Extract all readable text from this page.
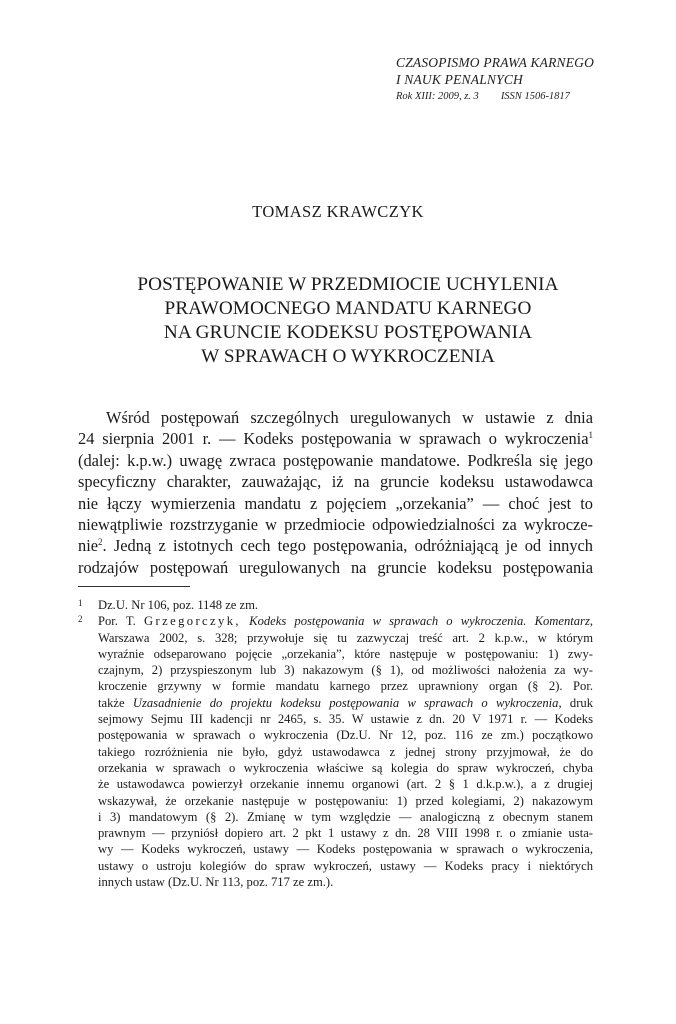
CZASOPISMO PRAWA KARNEGO
I NAUK PENALNYCH
Rok XIII: 2009, z. 3 ISSN 1506-1817
TOMASZ KRAWCZYK
POSTĘPOWANIE W PRZEDMIOCIE UCHYLENIA
PRAWOMOCNEGO MANDATU KARNEGO
NA GRUNCIE KODEKSU POSTĘPOWANIA
W SPRAWACH O WYKROCZENIA
Wśród postępowań szczególnych uregulowanych w ustawie z dnia
24 sierpnia 2001 r. — Kodeks postępowania w sprawach o wykroczenia$^1$
(dalej: k.p.w.) uwagę zwraca postępowanie mandatowe. Podkreśla się jego
specyficzny charakter, zauważając, iż na gruncie kodeksu ustawodawca
nie łączy wymierzenia mandatu z pojęciem „orzekania” — choć jest to
niewątpliwie rozstrzyganie w przedmiocie odpowiedzialności za wykrocze-
nie$^2$. Jedną z istotnych cech tego postępowania, odróżniającą je od innych
rodzajów postępowań uregulowanych na gruncie kodeksu postępowania
1 Dz.U. Nr 106, poz. 1148 ze zm.
2 Por. T. Grzegorczyk, Kodeks postępowania w sprawach o wykroczenia. Komentarz,
Warszawa 2002, s. 328; przywołuje się tu zazwyczaj treść art. 2 k.p.w., w którym
wyraźnie odseparowano pojęcie „orzekania”, które następuje w postępowaniu: 1) zwy-
czajnym, 2) przyspieszonym lub 3) nakazowym (§ 1), od możliwości nałożenia za wy-
kroczenie grzywny w formie mandatu karnego przez uprawniony organ (§ 2). Por.
także Uzasadnienie do projektu kodeksu postępowania w sprawach o wykroczenia, druk
sejmowy Sejmu III kadencji nr 2465, s. 35. W ustawie z dn. 20 V 1971 r. — Kodeks
postępowania w sprawach o wykroczenia (Dz.U. Nr 12, poz. 116 ze zm.) początkowo
takiego rozróżnienia nie było, gdyż ustawodawca z jednej strony przyjmował, że do
orzekania w sprawach o wykroczenia właściwe są kolegia do spraw wykroczeń, chyba
że ustawodawca powierzył orzekanie innemu organowi (art. 2 § 1 d.k.p.w.), a z drugiej
wskazywał, że orzekanie następuje w postępowaniu: 1) przed kolegiami, 2) nakazowym
i 3) mandatowym (§ 2). Zmianę w tym względzie — analogiczną z obecnym stanem
prawnym — przyniósł dopiero art. 2 pkt 1 ustawy z dn. 28 VIII 1998 r. o zmianie usta-
wy — Kodeks wykroczeń, ustawy — Kodeks postępowania w sprawach o wykroczenia,
ustawy o ustroju kolegiów do spraw wykroczeń, ustawy — Kodeks pracy i niektórych
innych ustaw (Dz.U. Nr 113, poz. 717 ze zm.).
